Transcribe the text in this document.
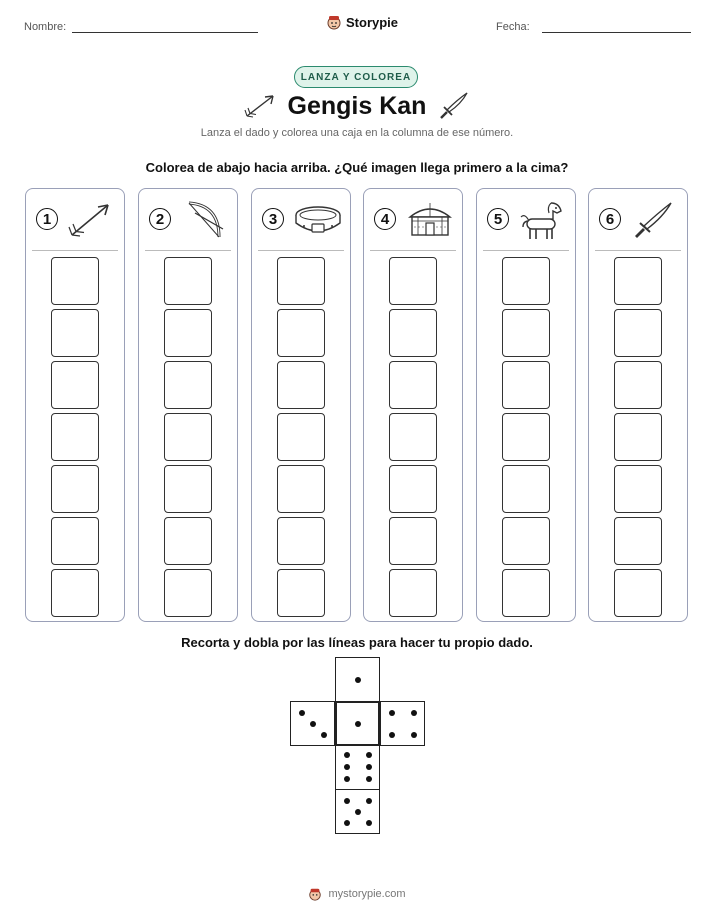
Nombre:	Storypie	Fecha:
LANZA Y COLOREA
Gengis Kan
Lanza el dado y colorea una caja en la columna de ese número.
Colorea de abajo hacia arriba. ¿Qué imagen llega primero a la cima?
1	2	3	4	5	6
Recorta y dobla por las líneas para hacer tu propio dado.
mystorypie.com
